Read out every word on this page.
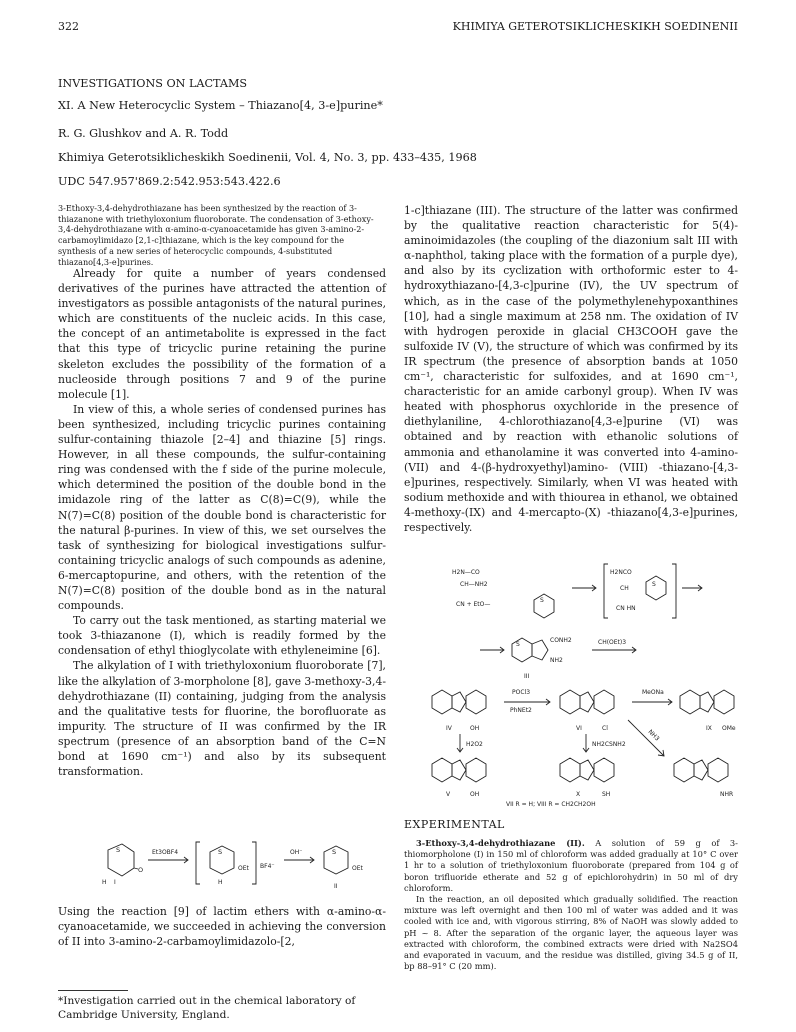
322	KHIMIYA GETEROTSIKLICHESKIKH SOEDINENII
INVESTIGATIONS ON LACTAMS
XI. A New Heterocyclic System – Thiazano[4, 3-e]purine*
R. G. Glushkov and A. R. Todd
Khimiya Geterotsiklicheskikh Soedinenii, Vol. 4, No. 3, pp. 433–435, 1968
UDC 547.957'869.2:542.953:543.422.6
3-Ethoxy-3,4-dehydrothiazane has been synthesized by the reaction of 3-thiazanone with triethyloxonium fluoroborate. The condensation of 3-ethoxy-3,4-dehydrothiazane with α-amino-α-cyanoacetamide has given 3-amino-2-carbamoylimidazo [2,1-c]thiazane, which is the key compound for the synthesis of a new series of heterocyclic compounds, 4-substituted thiazano[4,3-e]purines.

Already for quite a number of years condensed derivatives of the purines have attracted the attention of investigators as possible antagonists of the natural purines, which are constituents of the nucleic acids. In this case, the concept of an antimetabolite is expressed in the fact that this type of tricyclic purine retaining the purine skeleton excludes the possibility of the formation of a nucleoside through positions 7 and 9 of the purine molecule [1].

In view of this, a whole series of condensed purines has been synthesized, including tricyclic purines containing sulfur-containing thiazole [2–4] and thiazine [5] rings. However, in all these compounds, the sulfur-containing ring was condensed with the f side of the purine molecule, which determined the position of the double bond in the imidazole ring of the latter as C(8)=C(9), while the N(7)=C(8) position of the double bond is characteristic for the natural β-purines. In view of this, we set ourselves the task of synthesizing for biological investigations sulfur-containing tricyclic analogs of such compounds as adenine, 6-mercaptopurine, and others, with the retention of the N(7)=C(8) position of the double bond as in the natural compounds.

To carry out the task mentioned, as starting material we took 3-thiazanone (I), which is readily formed by the condensation of ethyl thioglycolate with ethyleneimine [6].

The alkylation of I with triethyloxonium fluoroborate [7], like the alkylation of 3-morpholone [8], gave 3-methoxy-3,4-dehydrothiazane (II) containing, judging from the analysis and the qualitative tests for fluorine, the borofluorate as impurity. The structure of II was confirmed by the IR spectrum (presence of an absorption band of the C=N bond at 1690 cm⁻¹) and also by its subsequent transformation.

S
O
H I
Et3OBF4	S
OEt
H
BF4⁻
OH⁻	S
OEt
II
Using the reaction [9] of lactim ethers with α-amino-α-cyanoacetamide, we succeeded in achieving the conversion of II into 3-amino-2-carbamoylimidazolo-[2,
*Investigation carried out in the chemical laboratory of Cambridge University, England.
1-c]thiazane (III). The structure of the latter was confirmed by the qualitative reaction characteristic for 5(4)-aminoimidazoles (the coupling of the diazonium salt III with α-naphthol, taking place with the formation of a purple dye), and also by its cyclization with orthoformic ester to 4-hydroxythiazano-[4,3-c]purine (IV), the UV spectrum of which, as in the case of the polymethylenehypoxanthines [10], had a single maximum at 258 nm. The oxidation of IV with hydrogen peroxide in glacial CH3COOH gave the sulfoxide IV (V), the structure of which was confirmed by its IR spectrum (the presence of absorption bands at 1050 cm⁻¹, characteristic for sulfoxides, and at 1690 cm⁻¹, characteristic for an amide carbonyl group). When IV was heated with phosphorus oxychloride in the presence of diethylaniline, 4-chlorothiazano[4,3-e]purine (VI) was obtained and by reaction with ethanolic solutions of ammonia and ethanolamine it was converted into 4-amino- (VII) and 4-(β-hydroxyethyl)amino- (VIII) -thiazano-[4,3-e]purines, respectively. Similarly, when VI was heated with sodium methoxide and with thiourea in ethanol, we obtained 4-methoxy-(IX) and 4-mercapto-(X) -thiazano[4,3-e]purines, respectively.
H2N—CO
CH—NH2
CN + EtO—
S
H2NCO
CH
CN HN
S
S
CONH2
NH2
CH(OEt)3
III
IV	OH
POCl3
PhNEt2
VI	Cl
MeONa
IX OMe
NH3
H2O2	NH2CSNH2
V	OH	X	SH	NHR
VII R = H; VIII R = CH2CH2OH
EXPERIMENTAL

3-Ethoxy-3,4-dehydrothiazane (II). A solution of 59 g of 3-thiomorpholone (I) in 150 ml of chloroform was added gradually at 10° C over 1 hr to a solution of triethyloxonium fluoroborate (prepared from 104 g of boron trifluoride etherate and 52 g of epichlorohydrin) in 50 ml of dry chloroform.

In the reaction, an oil deposited which gradually solidified. The reaction mixture was left overnight and then 100 ml of water was added and it was cooled with ice and, with vigorous stirring, 8% of NaOH was slowly added to pH ~ 8. After the separation of the organic layer, the aqueous layer was extracted with chloroform, the combined extracts were dried with Na2SO4 and evaporated in vacuum, and the residue was distilled, giving 34.5 g of II, bp 88–91° C (20 mm).
